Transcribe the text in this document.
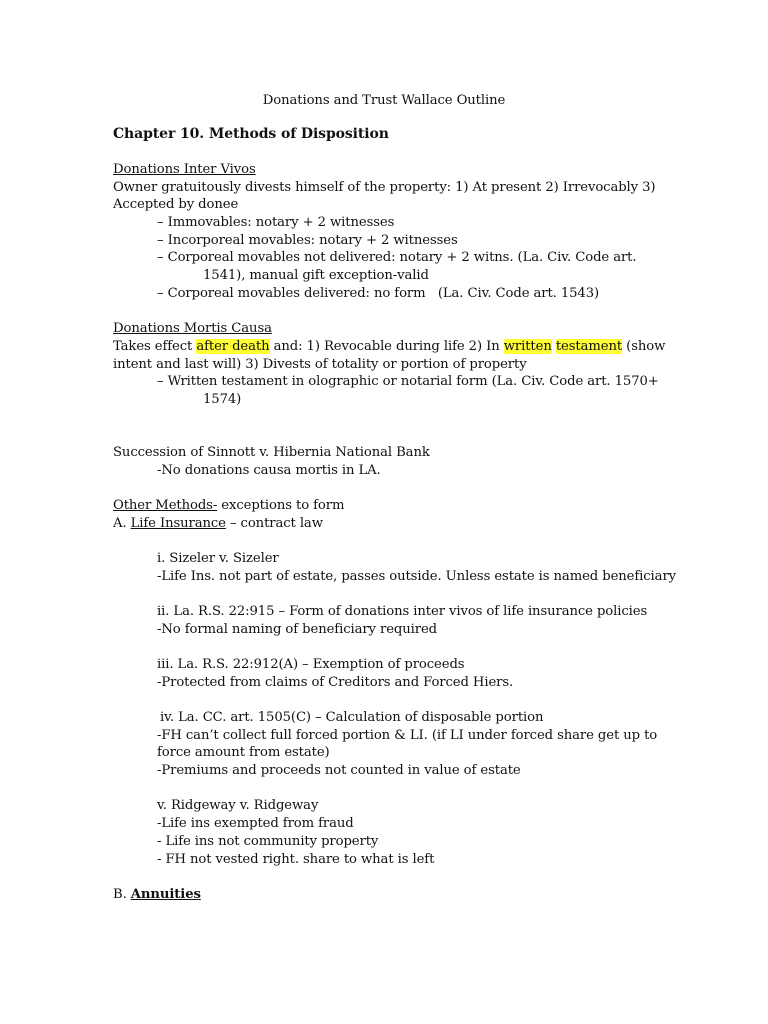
Donations and Trust Wallace Outline
Chapter 10. Methods of Disposition
Donations Inter Vivos
Owner gratuitously divests himself of the property: 1) At present 2) Irrevocably 3)
Accepted by donee
– Immovables: notary + 2 witnesses
– Incorporeal movables: notary + 2 witnesses
– Corporeal movables not delivered: notary + 2 witns. (La. Civ. Code art.
1541), manual gift exception-valid
– Corporeal movables delivered: no form   (La. Civ. Code art. 1543)
Donations Mortis Causa
Takes effect after death and: 1) Revocable during life 2) In written testament (show
intent and last will) 3) Divests of totality or portion of property
– Written testament in olographic or notarial form (La. Civ. Code art. 1570+
1574)
Succession of Sinnott v. Hibernia National Bank
-No donations causa mortis in LA.
Other Methods- exceptions to form
A. Life Insurance – contract law
i. Sizeler v. Sizeler
-Life Ins. not part of estate, passes outside. Unless estate is named beneficiary
ii. La. R.S. 22:915 – Form of donations inter vivos of life insurance policies
-No formal naming of beneficiary required
iii. La. R.S. 22:912(A) – Exemption of proceeds
-Protected from claims of Creditors and Forced Hiers.
iv. La. CC. art. 1505(C) – Calculation of disposable portion
-FH can’t collect full forced portion & LI. (if LI under forced share get up to
force amount from estate)
-Premiums and proceeds not counted in value of estate
v. Ridgeway v. Ridgeway
-Life ins exempted from fraud
- Life ins not community property
- FH not vested right. share to what is left
B. Annuities
